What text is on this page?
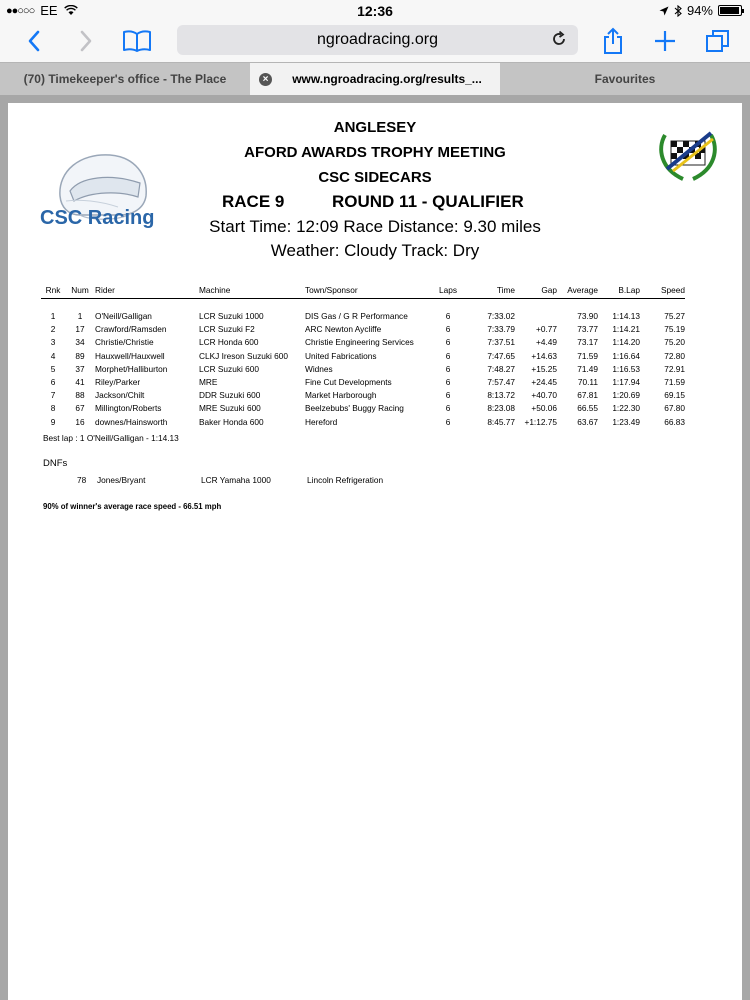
●●○○○ EE	12:36	94%
ngroadracing.org
(70) Timekeeper's office - The Place	× www.ngroadracing.org/results_...	Favourites
CSC Racing
ANGLESEY
AFORD AWARDS TROPHY MEETING
CSC SIDECARS
RACE 9	ROUND 11 - QUALIFIER
Start Time: 12:09 Race Distance: 9.30 miles
Weather: Cloudy Track: Dry
Rnk	Num	Rider	Machine	Town/Sponsor	Laps	Time	Gap	Average	B.Lap	Speed

1	1	O'Neill/Galligan	LCR Suzuki 1000	DIS Gas / G R Performance	6	7:33.02		73.90	1:14.13	75.27
2	17	Crawford/Ramsden	LCR Suzuki F2	ARC Newton Aycliffe	6	7:33.79	+0.77	73.77	1:14.21	75.19
3	34	Christie/Christie	LCR Honda 600	Christie Engineering Services	6	7:37.51	+4.49	73.17	1:14.20	75.20
4	89	Hauxwell/Hauxwell	CLKJ Ireson Suzuki 600	United Fabrications	6	7:47.65	+14.63	71.59	1:16.64	72.80
5	37	Morphet/Halliburton	LCR Suzuki 600	Widnes	6	7:48.27	+15.25	71.49	1:16.53	72.91
6	41	Riley/Parker	MRE	Fine Cut Developments	6	7:57.47	+24.45	70.11	1:17.94	71.59
7	88	Jackson/Chilt	DDR Suzuki 600	Market Harborough	6	8:13.72	+40.70	67.81	1:20.69	69.15
8	67	Millington/Roberts	MRE Suzuki 600	Beelzebubs' Buggy Racing	6	8:23.08	+50.06	66.55	1:22.30	67.80
9	16	downes/Hainsworth	Baker Honda 600	Hereford	6	8:45.77	+1:12.75	63.67	1:23.49	66.83
Best lap : 1 O'Neill/Galligan - 1:14.13
DNFs
78 Jones/Bryant	LCR Yamaha 1000	Lincoln Refrigeration
90% of winner's average race speed - 66.51 mph
